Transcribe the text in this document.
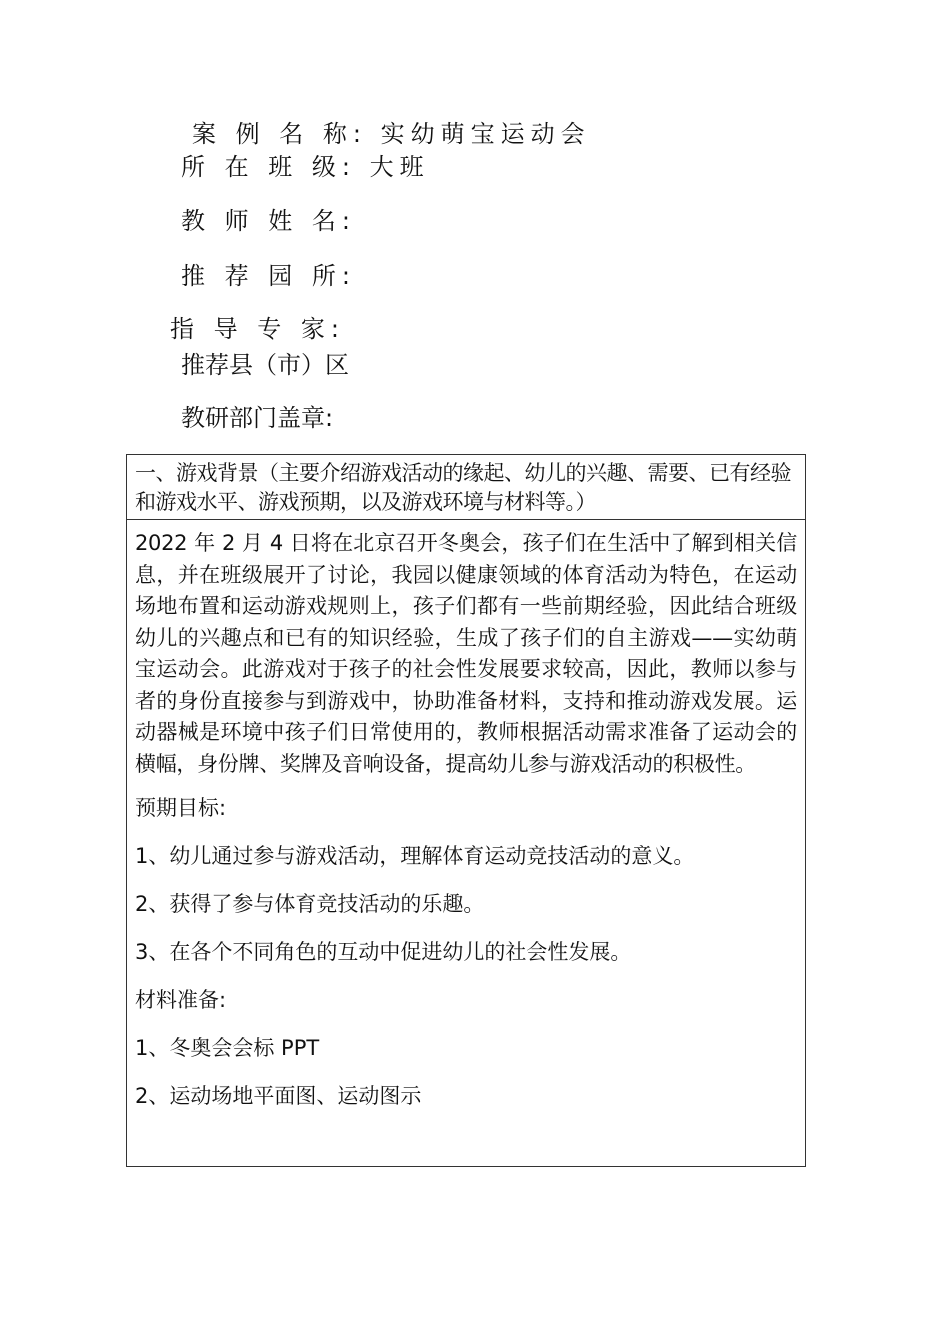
案 例 名 称: 实幼萌宝运动会
所 在 班 级: 大班
教 师 姓 名:
推 荐 园 所:
指 导 专 家:
推荐县（市）区
教研部门盖章:
一、游戏背景（主要介绍游戏活动的缘起、幼儿的兴趣、需要、已有经验和游戏水平、游戏预期，以及游戏环境与材料等。）

2022 年 2 月 4 日将在北京召开冬奥会，孩子们在生活中了解到相关信息，并在班级展开了讨论，我园以健康领域的体育活动为特色，在运动场地布置和运动游戏规则上，孩子们都有一些前期经验，因此结合班级幼儿的兴趣点和已有的知识经验，生成了孩子们的自主游戏——实幼萌宝运动会。此游戏对于孩子的社会性发展要求较高，因此，教师以参与者的身份直接参与到游戏中，协助准备材料，支持和推动游戏发展。运动器械是环境中孩子们日常使用的，教师根据活动需求准备了运动会的横幅，身份牌、奖牌及音响设备，提高幼儿参与游戏活动的积极性。

预期目标:

1、幼儿通过参与游戏活动，理解体育运动竞技活动的意义。

2、获得了参与体育竞技活动的乐趣。

3、在各个不同角色的互动中促进幼儿的社会性发展。

材料准备:

1、冬奥会会标 PPT

2、运动场地平面图、运动图示
